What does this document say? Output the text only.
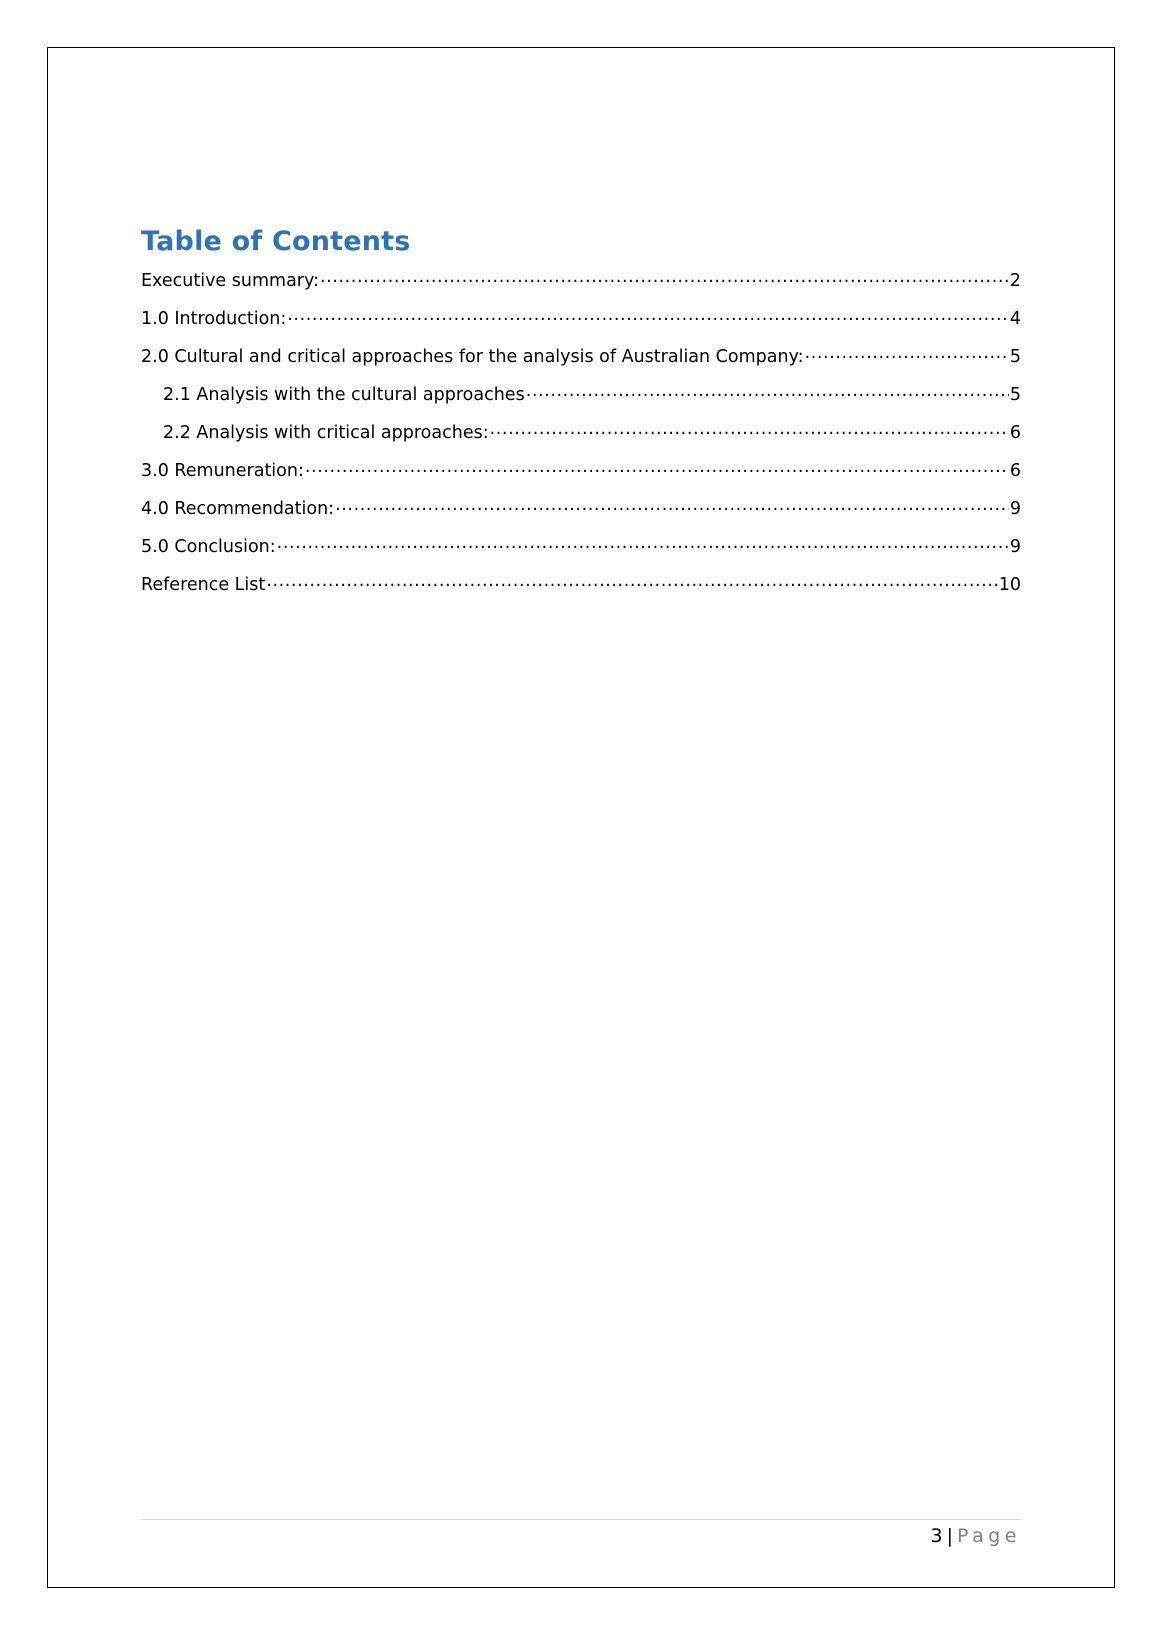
Table of Contents
Executive summary: .....	2
1.0 Introduction: .....	4
2.0 Cultural and critical approaches for the analysis of Australian Company: .....	5
2.1 Analysis with the cultural approaches .....	5
2.2 Analysis with critical approaches: .....	6
3.0 Remuneration: .....	6
4.0 Recommendation: .....	9
5.0 Conclusion: .....	9
Reference List .....	10
3 | Page
